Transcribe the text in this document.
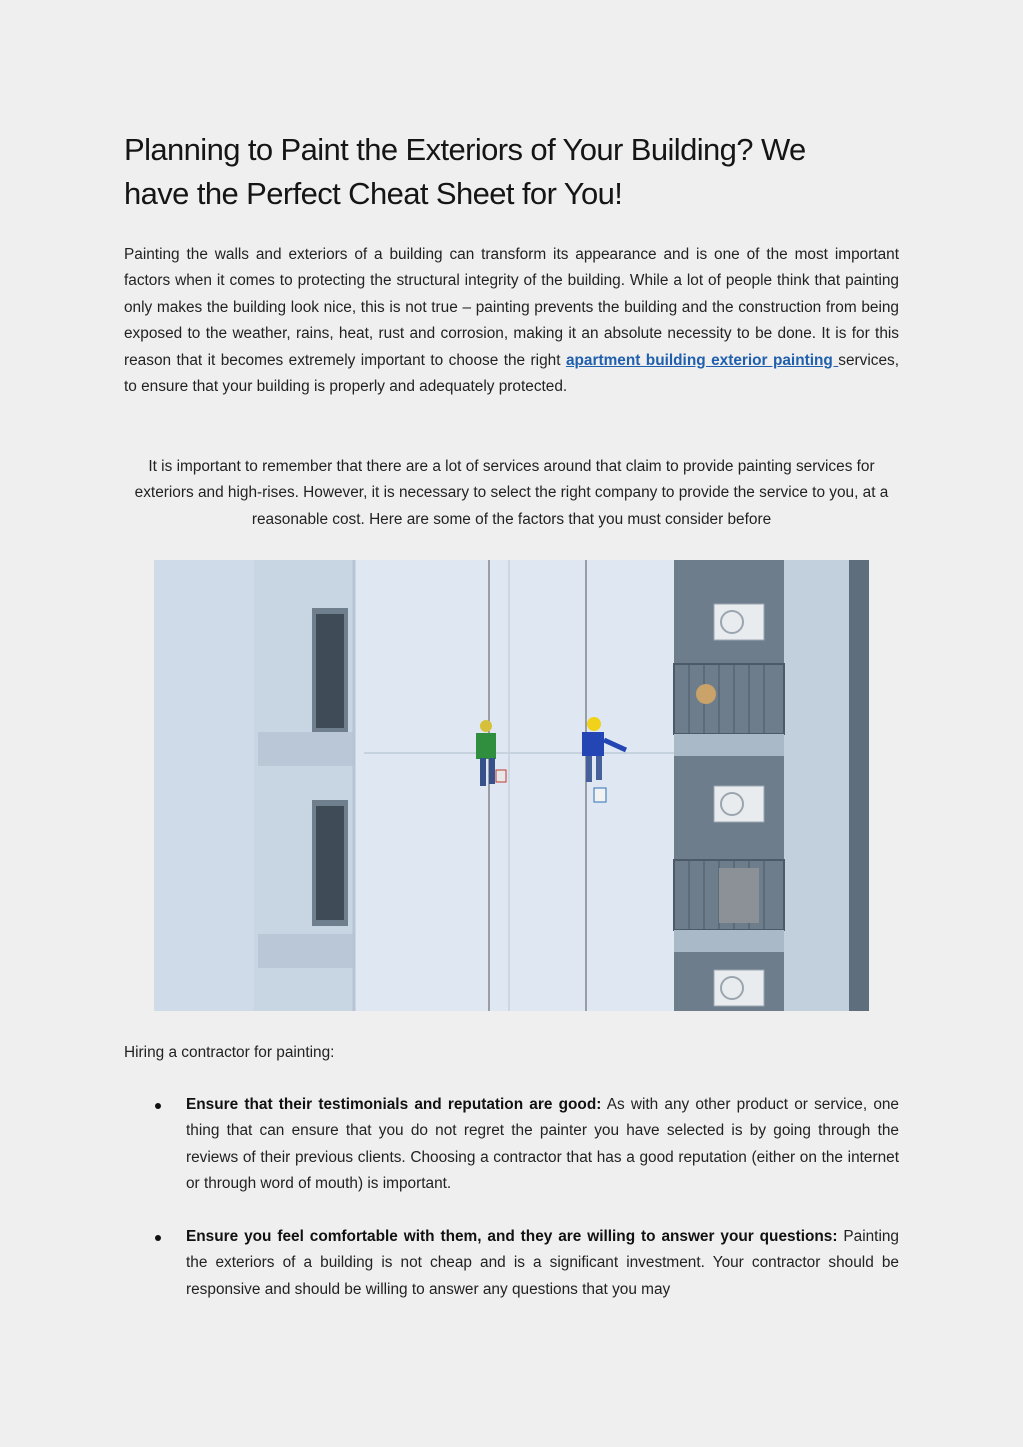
Planning to Paint the Exteriors of Your Building? We
have the Perfect Cheat Sheet for You!

Painting the walls and exteriors of a building can transform its appearance and is one of the most important factors when it comes to protecting the structural integrity of the building. While a lot of people think that painting only makes the building look nice, this is not true – painting prevents the building and the construction from being exposed to the weather, rains, heat, rust and corrosion, making it an absolute necessity to be done. It is for this reason that it becomes extremely important to choose the right apartment building exterior painting services, to ensure that your building is properly and adequately protected.

It is important to remember that there are a lot of services around that claim to provide painting services for exteriors and high-rises. However, it is necessary to select the right company to provide the service to you, at a reasonable cost. Here are some of the factors that you must consider before

Hiring a contractor for painting:

Ensure that their testimonials and reputation are good: As with any other product or service, one thing that can ensure that you do not regret the painter you have selected is by going through the reviews of their previous clients. Choosing a contractor that has a good reputation (either on the internet or through word of mouth) is important.

Ensure you feel comfortable with them, and they are willing to answer your questions: Painting the exteriors of a building is not cheap and is a significant investment. Your contractor should be responsive and should be willing to answer any questions that you may
